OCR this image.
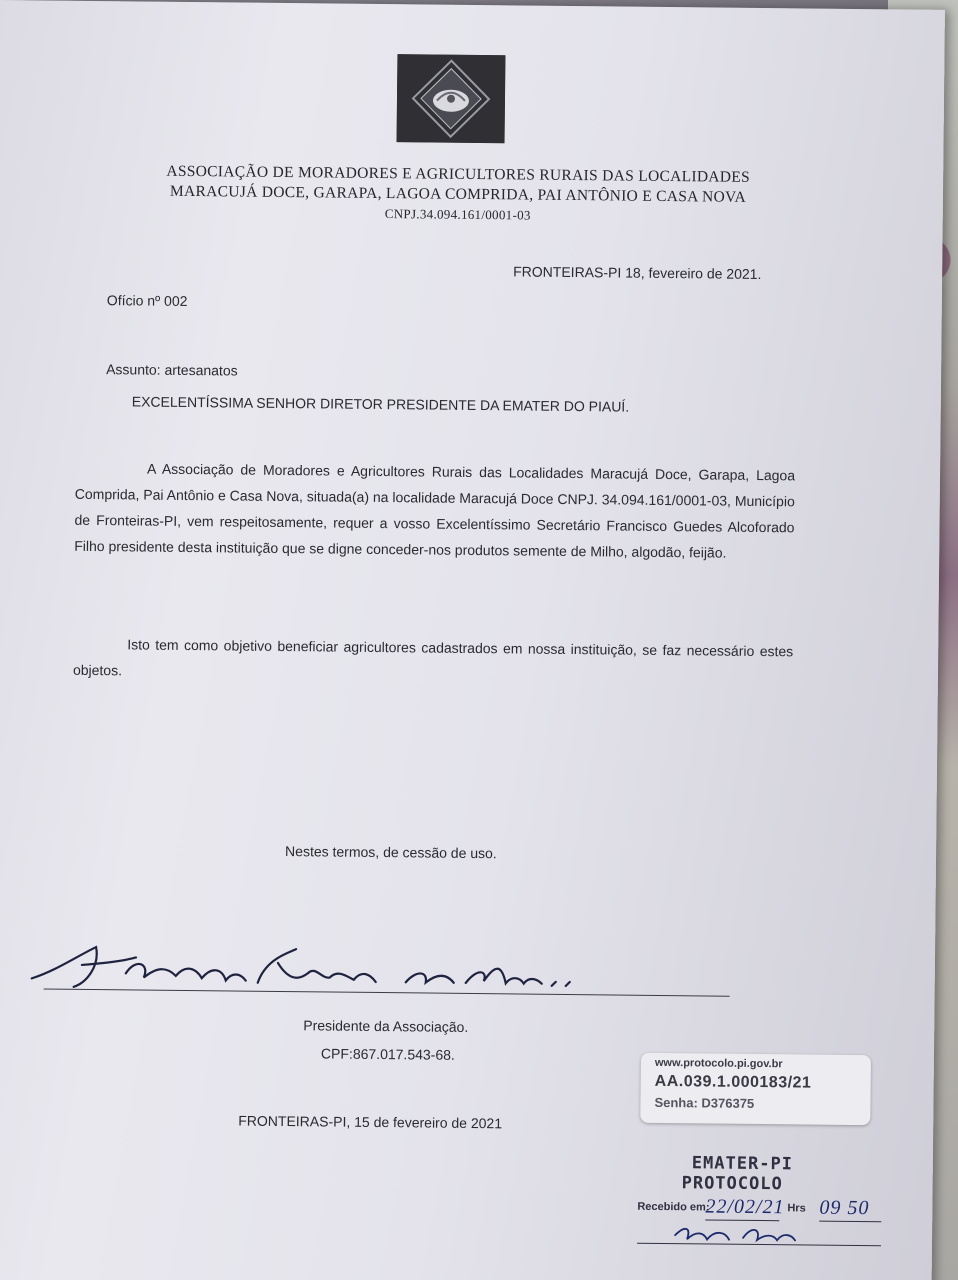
ASSOCIAÇÃO DE MORADORES E AGRICULTORES RURAIS DAS LOCALIDADES
MARACUJÁ DOCE, GARAPA, LAGOA COMPRIDA, PAI ANTÔNIO E CASA NOVA
CNPJ.34.094.161/0001-03
FRONTEIRAS-PI 18, fevereiro de 2021.
Ofício nº 002
Assunto: artesanatos
EXCELENTÍSSIMA SENHOR DIRETOR PRESIDENTE DA EMATER DO PIAUÍ.
A Associação de Moradores e Agricultores Rurais das Localidades Maracujá Doce, Garapa, Lagoa Comprida, Pai Antônio e Casa Nova, situada(a) na localidade Maracujá Doce CNPJ. 34.094.161/0001-03, Município de Fronteiras-PI, vem respeitosamente, requer a vosso Excelentíssimo Secretário Francisco Guedes Alcoforado Filho presidente desta instituição que se digne conceder-nos produtos semente de Milho, algodão, feijão.
Isto tem como objetivo beneficiar agricultores cadastrados em nossa instituição, se faz necessário estes objetos.
Nestes termos, de cessão de uso.
Presidente da Associação.
CPF:867.017.543-68.
FRONTEIRAS-PI, 15 de fevereiro de 2021
www.protocolo.pi.gov.br
AA.039.1.000183/21
Senha: D376375
EMATER-PI
PROTOCOLO
Recebido em:
22/02/21 Hrs 09 50
